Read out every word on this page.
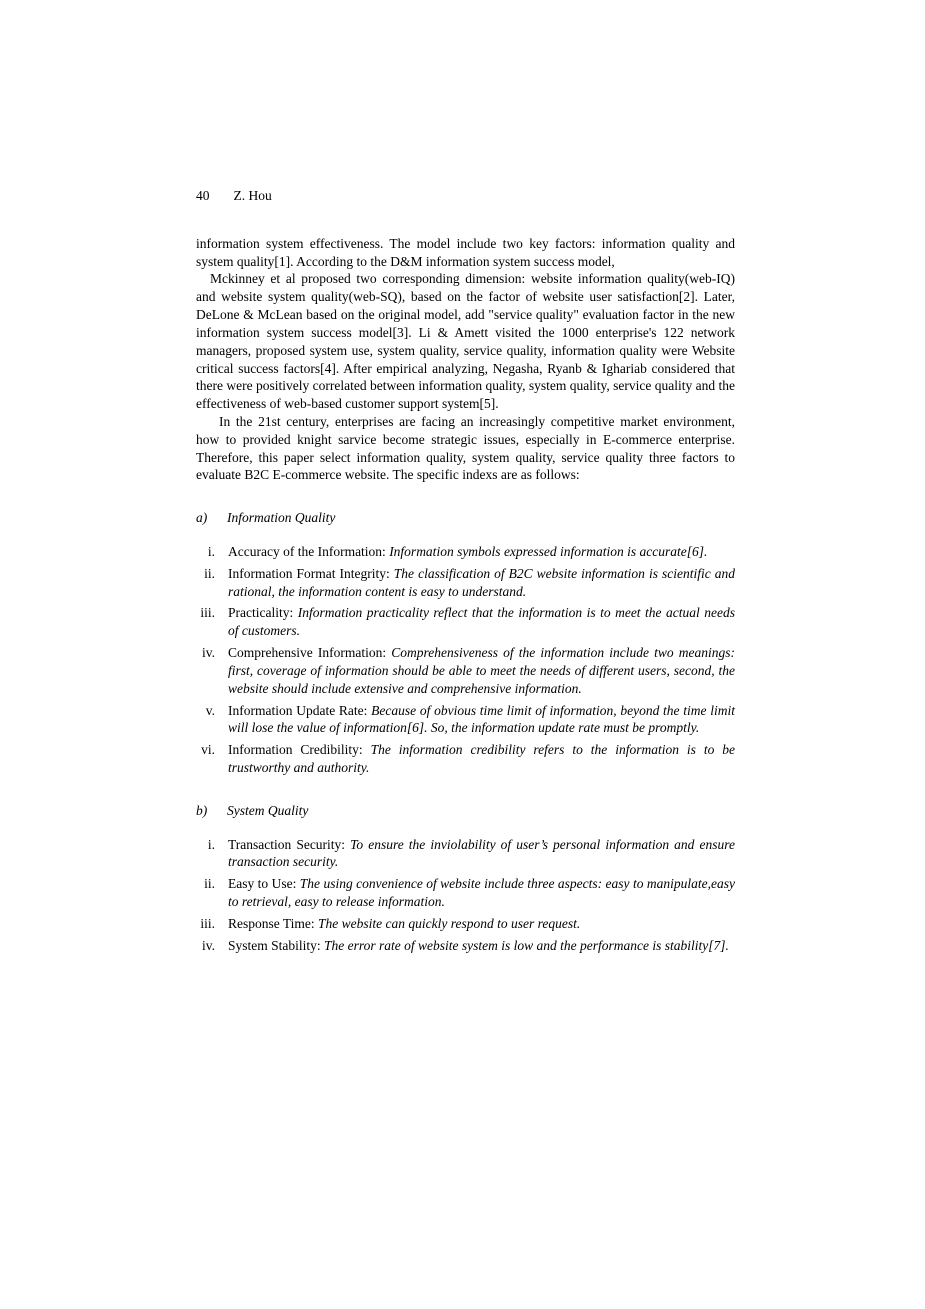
40 Z. Hou

information system effectiveness. The model include two key factors: information quality and system quality[1]. According to the D&M information system success model,

Mckinney et al proposed two corresponding dimension: website information quality(web-IQ) and website system quality(web-SQ), based on the factor of website user satisfaction[2]. Later, DeLone & McLean based on the original model, add "service quality" evaluation factor in the new information system success model[3]. Li & Amett visited the 1000 enterprise's 122 network managers, proposed system use, system quality, service quality, information quality were Website critical success factors[4]. After empirical analyzing, Negasha, Ryanb & Ighariab considered that there were positively correlated between information quality, system quality, service quality and the effectiveness of web-based customer support system[5].

In the 21st century, enterprises are facing an increasingly competitive market environment, how to provided knight sarvice become strategic issues, especially in E-commerce enterprise. Therefore, this paper select information quality, system quality, service quality three factors to evaluate B2C E-commerce website. The specific indexs are as follows:

a)	Information Quality
i. Accuracy of the Information: Information symbols expressed information is accurate[6].
ii. Information Format Integrity: The classification of B2C website information is scientific and rational, the information content is easy to understand.
iii. Practicality: Information practicality reflect that the information is to meet the actual needs of customers.
iv. Comprehensive Information: Comprehensiveness of the information include two meanings: first, coverage of information should be able to meet the needs of different users, second, the website should include extensive and comprehensive information.
v. Information Update Rate: Because of obvious time limit of information, beyond the time limit will lose the value of information[6]. So, the information update rate must be promptly.
vi. Information Credibility: The information credibility refers to the information is to be trustworthy and authority.
b)	System Quality
i. Transaction Security: To ensure the inviolability of user’s personal information and ensure transaction security.
ii. Easy to Use: The using convenience of website include three aspects: easy to manipulate,easy to retrieval, easy to release information.
iii. Response Time: The website can quickly respond to user request.
iv. System Stability: The error rate of website system is low and the performance is stability[7].
